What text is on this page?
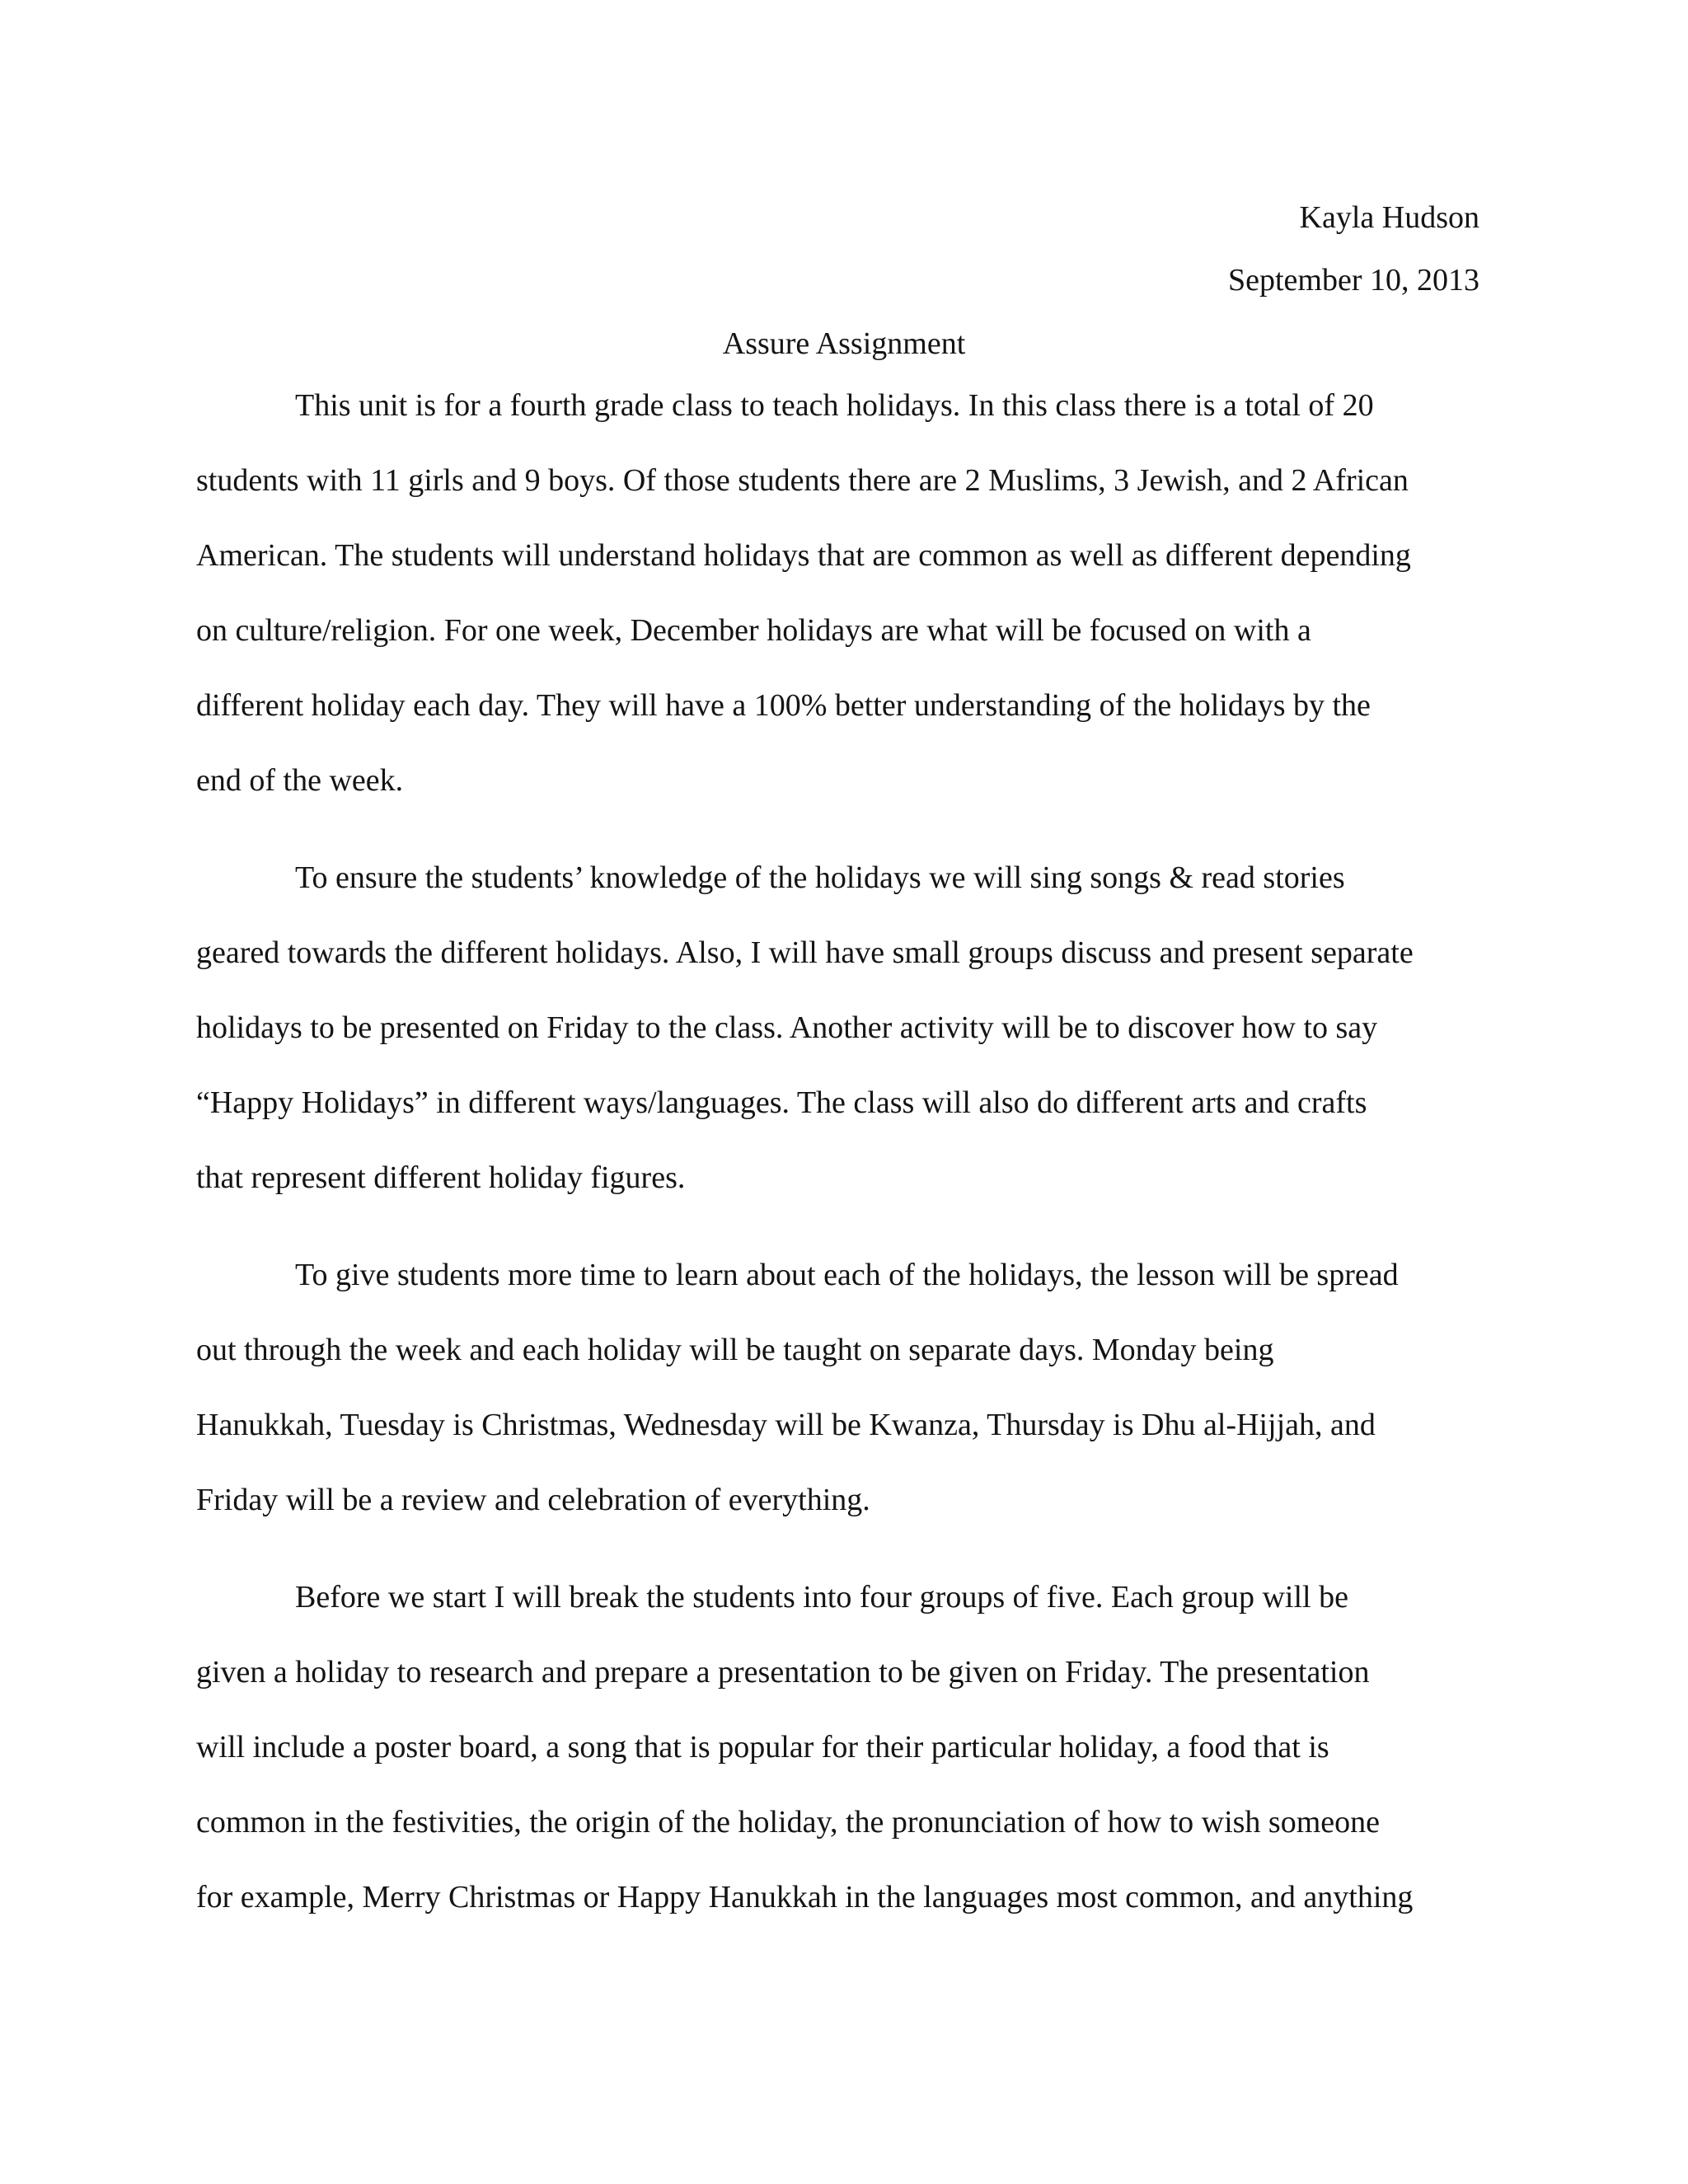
Kayla Hudson
September 10, 2013
Assure Assignment
This unit is for a fourth grade class to teach holidays. In this class there is a total of 20
students with 11 girls and 9 boys. Of those students there are 2 Muslims, 3 Jewish, and 2 African
American. The students will understand holidays that are common as well as different depending
on culture/religion. For one week, December holidays are what will be focused on with a
different holiday each day. They will have a 100% better understanding of the holidays by the
end of the week.
To ensure the students’ knowledge of the holidays we will sing songs & read stories
geared towards the different holidays. Also, I will have small groups discuss and present separate
holidays to be presented on Friday to the class. Another activity will be to discover how to say
“Happy Holidays” in different ways/languages. The class will also do different arts and crafts
that represent different holiday figures.
To give students more time to learn about each of the holidays, the lesson will be spread
out through the week and each holiday will be taught on separate days. Monday being
Hanukkah, Tuesday is Christmas, Wednesday will be Kwanza, Thursday is Dhu al-Hijjah, and
Friday will be a review and celebration of everything.
Before we start I will break the students into four groups of five. Each group will be
given a holiday to research and prepare a presentation to be given on Friday. The presentation
will include a poster board, a song that is popular for their particular holiday, a food that is
common in the festivities, the origin of the holiday, the pronunciation of how to wish someone
for example, Merry Christmas or Happy Hanukkah in the languages most common, and anything
